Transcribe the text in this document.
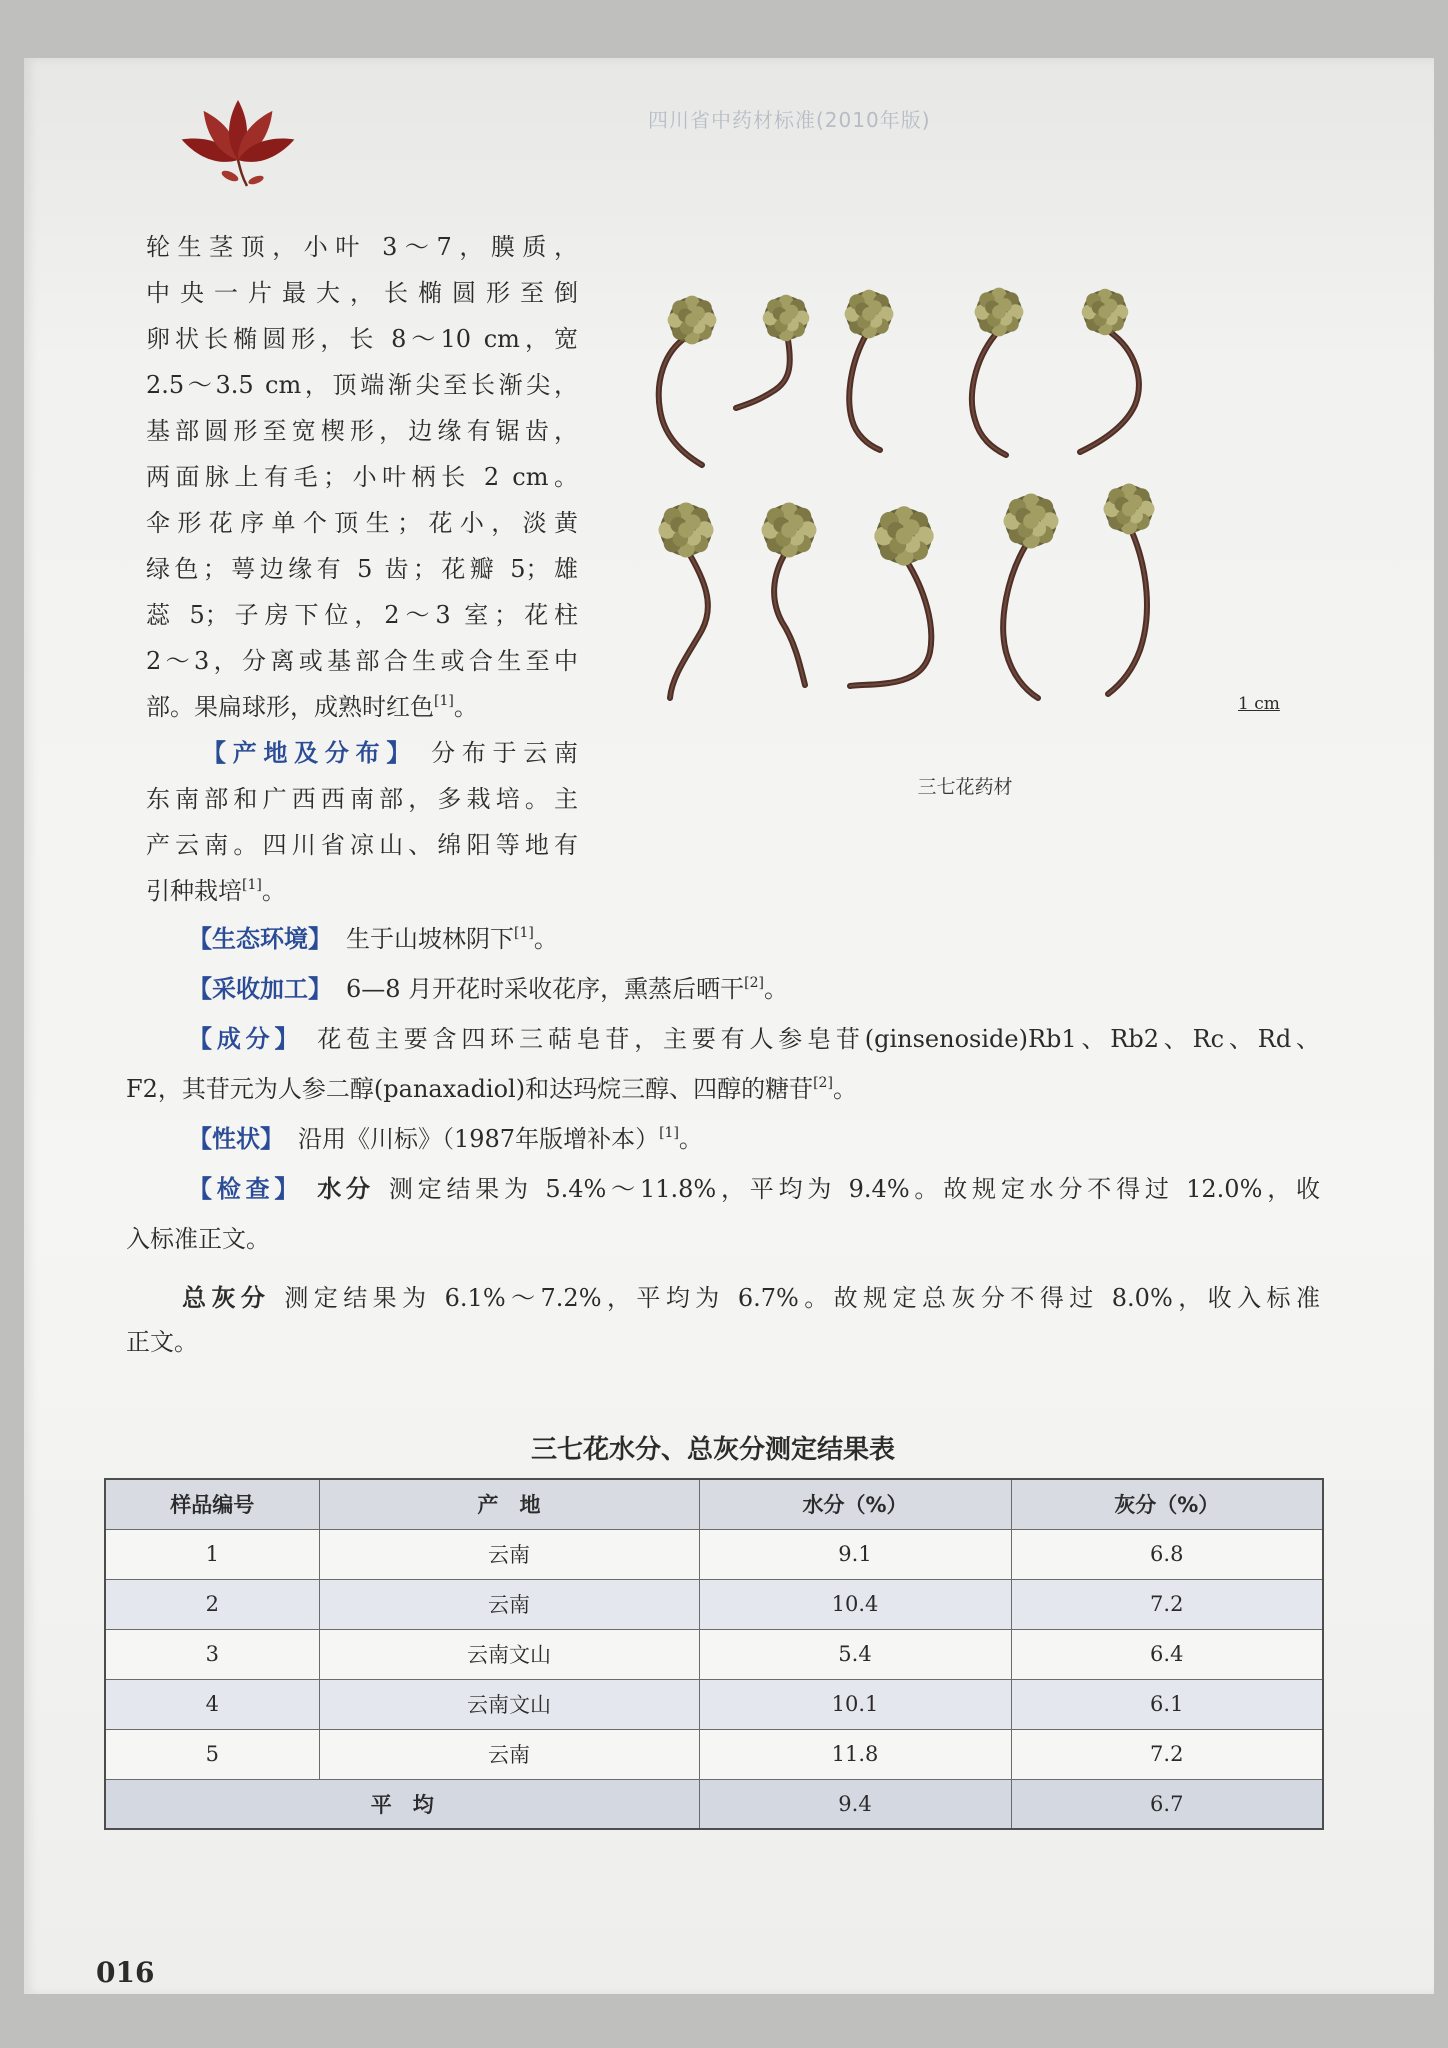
四川省中药材标准(2010年版)
轮生茎顶，小叶 3～7，膜质，
中央一片最大，长椭圆形至倒
卵状长椭圆形，长 8～10 cm，宽
2.5～3.5 cm，顶端渐尖至长渐尖，
基部圆形至宽楔形，边缘有锯齿，
两面脉上有毛；小叶柄长 2 cm。
伞形花序单个顶生；花小，淡黄
绿色；萼边缘有 5 齿；花瓣 5；雄
蕊 5；子房下位，2～3 室；花柱
2～3，分离或基部合生或合生至中
部。果扁球形，成熟时红色[1]。
【产地及分布】 分布于云南
东南部和广西西南部，多栽培。主
产云南。四川省凉山、绵阳等地有
引种栽培[1]。
1 cm
三七花药材
【生态环境】 生于山坡林阴下[1]。
【采收加工】 6—8 月开花时采收花序，熏蒸后晒干[2]。
【成分】 花苞主要含四环三萜皂苷，主要有人参皂苷(ginsenoside)Rb1、Rb2、Rc、Rd、
F2，其苷元为人参二醇(panaxadiol)和达玛烷三醇、四醇的糖苷[2]。
【性状】 沿用《川标》（1987年版增补本）[1]。
【检查】 水分 测定结果为 5.4%～11.8%，平均为 9.4%。故规定水分不得过 12.0%，收
入标准正文。
总灰分 测定结果为 6.1%～7.2%，平均为 6.7%。故规定总灰分不得过 8.0%，收入标准
正文。
三七花水分、总灰分测定结果表
样品编号	产　地	水分（%）	灰分（%）
1	云南	9.1	6.8
2	云南	10.4	7.2
3	云南文山	5.4	6.4
4	云南文山	10.1	6.1
5	云南	11.8	7.2
平　均		9.4	6.7
016
